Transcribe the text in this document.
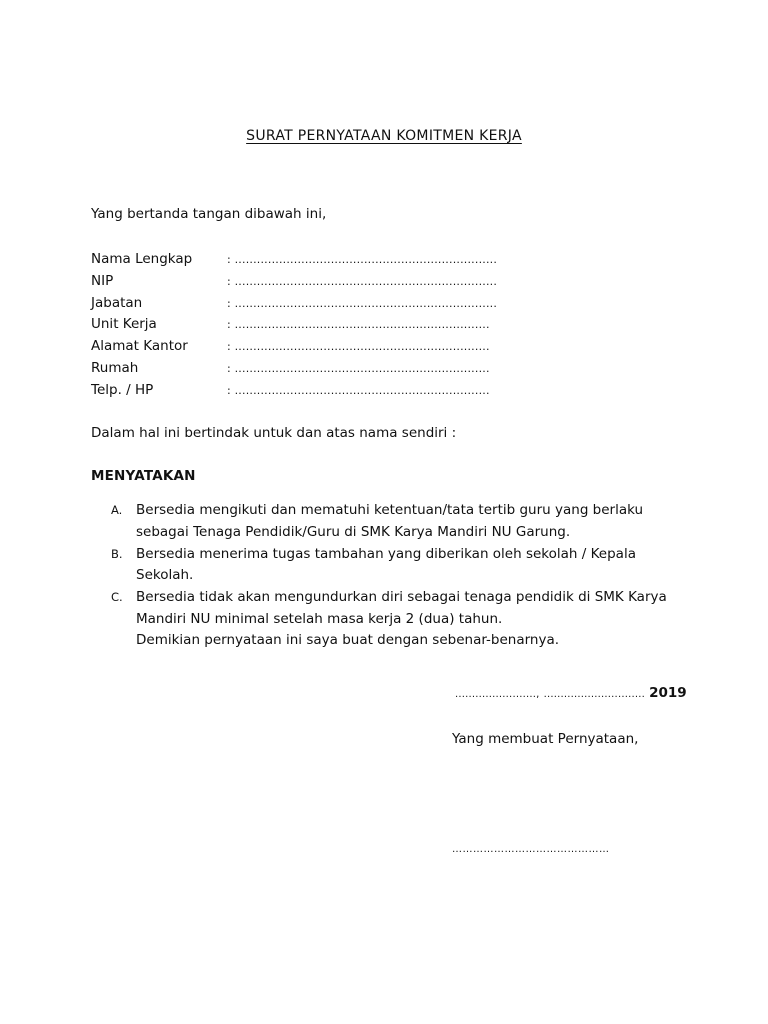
SURAT PERNYATAAN KOMITMEN KERJA
Yang bertanda tangan dibawah ini,
Nama Lengkap	: .......................................................................
NIP	: .......................................................................
Jabatan	: .......................................................................
Unit Kerja	: .....................................................................
Alamat Kantor	: .....................................................................
Rumah	: .....................................................................
Telp. / HP	: .....................................................................
Dalam hal ini bertindak untuk dan atas nama sendiri :
MENYATAKAN
A.	Bersedia mengikuti dan mematuhi ketentuan/tata tertib guru yang berlaku sebagai Tenaga Pendidik/Guru di SMK Karya Mandiri NU Garung.
B. Bersedia menerima tugas tambahan yang diberikan oleh sekolah / Kepala Sekolah.
C. Bersedia tidak akan mengundurkan diri sebagai tenaga pendidik di SMK Karya Mandiri NU minimal setelah masa kerja 2 (dua) tahun.
Demikian pernyataan ini saya buat dengan sebenar-benarnya.
........................, .............................. 2019
Yang membuat Pernyataan,
………………………………………
